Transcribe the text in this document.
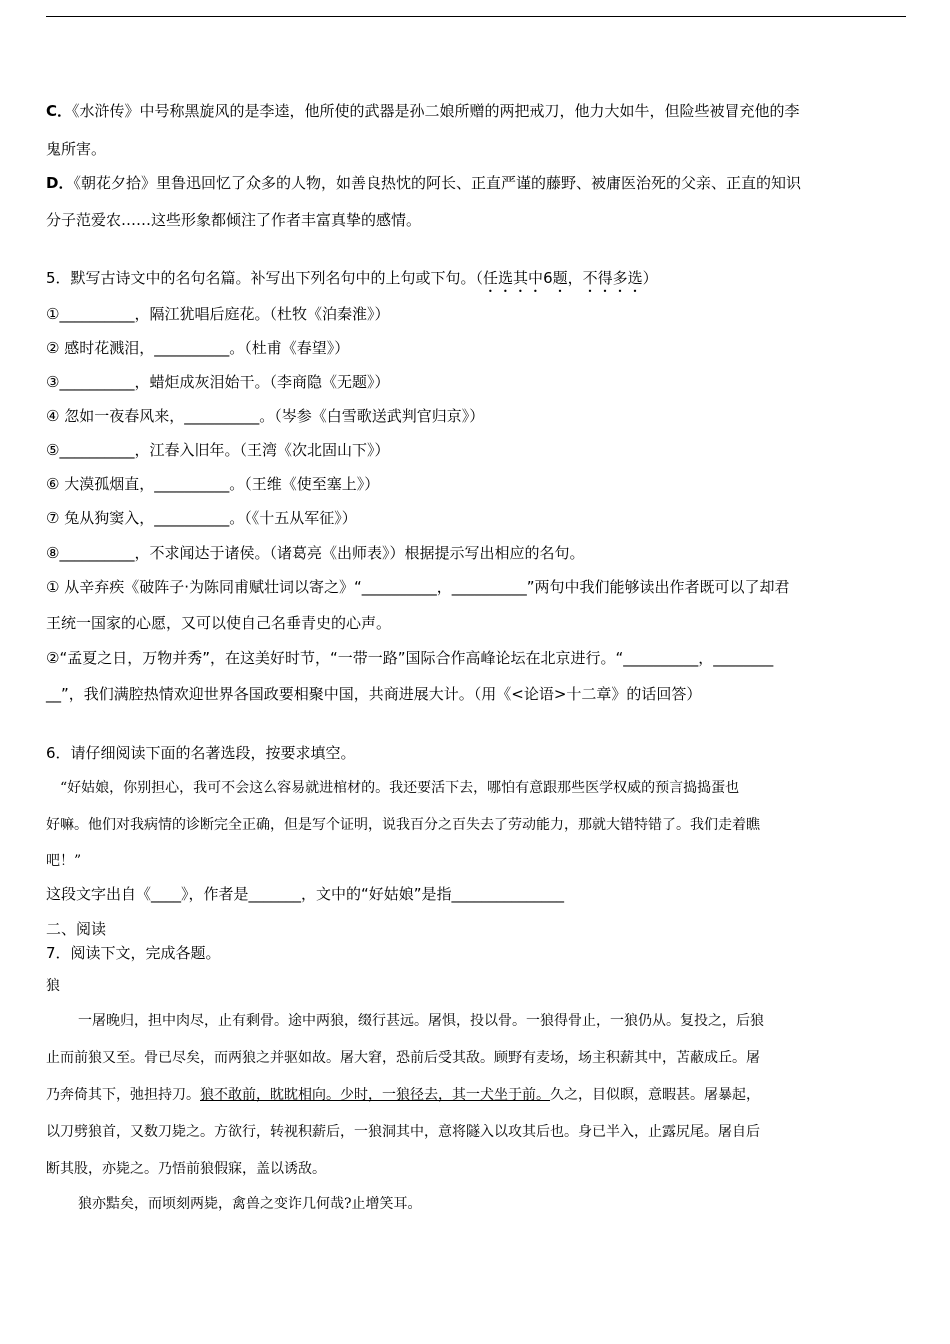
C．《水浒传》中号称黑旋风的是李逵，他所使的武器是孙二娘所赠的两把戒刀，他力大如牛，但险些被冒充他的李
鬼所害。
D．《朝花夕拾》里鲁迅回忆了众多的人物，如善良热忱的阿长、正直严谨的藤野、被庸医治死的父亲、正直的知识
分子范爱农……这些形象都倾注了作者丰富真挚的感情。
5．默写古诗文中的名句名篇。补写出下列名句中的上句或下句。（任选其中6题，不得多选）
①__________，隔江犹唱后庭花。（杜牧《泊秦淮》）
② 感时花溅泪，__________。（杜甫《春望》）
③__________，蜡炬成灰泪始干。（李商隐《无题》）
④ 忽如一夜春风来，__________。（岑参《白雪歌送武判官归京》）
⑤__________，江春入旧年。（王湾《次北固山下》）
⑥ 大漠孤烟直，__________。（王维《使至塞上》）
⑦ 兔从狗窦入，__________。（《十五从军征》）
⑧__________，不求闻达于诸侯。（诸葛亮《出师表》）根据提示写出相应的名句。
① 从辛弃疾《破阵子·为陈同甫赋壮词以寄之》“__________，__________”两句中我们能够读出作者既可以了却君
王统一国家的心愿，又可以使自己名垂青史的心声。
②“孟夏之日，万物并秀”，在这美好时节，“一带一路”国际合作高峰论坛在北京进行。“__________，________
__”，我们满腔热情欢迎世界各国政要相聚中国，共商进展大计。（用《<论语>十二章》的话回答）
6．请仔细阅读下面的名著选段，按要求填空。
“好姑娘，你别担心，我可不会这么容易就进棺材的。我还要活下去，哪怕有意跟那些医学权威的预言捣捣蛋也
好嘛。他们对我病情的诊断完全正确，但是写个证明，说我百分之百失去了劳动能力，那就大错特错了。我们走着瞧
吧！”
这段文字出自《____》，作者是_______，文中的“好姑娘”是指_______________
二、阅读
7．阅读下文，完成各题。
狼
一屠晚归，担中肉尽，止有剩骨。途中两狼，缀行甚远。屠惧，投以骨。一狼得骨止，一狼仍从。复投之，后狼
止而前狼又至。骨已尽矣，而两狼之并驱如故。屠大窘，恐前后受其敌。顾野有麦场，场主积薪其中，苫蔽成丘。屠
乃奔倚其下，弛担持刀。狼不敢前，眈眈相向。少时，一狼径去，其一犬坐于前。久之，目似瞑，意暇甚。屠暴起，
以刀劈狼首，又数刀毙之。方欲行，转视积薪后，一狼洞其中，意将隧入以攻其后也。身已半入，止露尻尾。屠自后
断其股，亦毙之。乃悟前狼假寐，盖以诱敌。
狼亦黠矣，而顷刻两毙，禽兽之变诈几何哉?止增笑耳。
